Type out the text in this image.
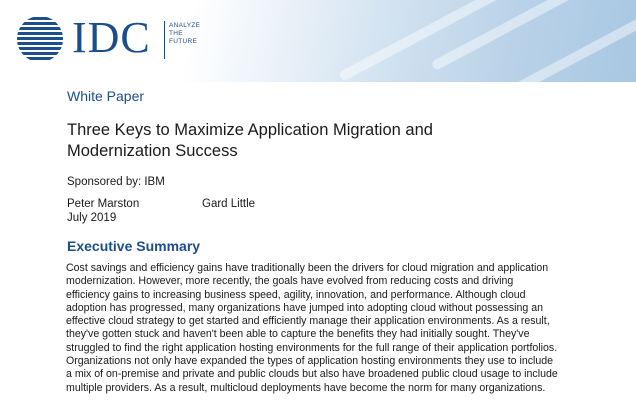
IDC	ANALYZE
THE
FUTURE
White Paper
Three Keys to Maximize Application Migration and Modernization Success
Sponsored by: IBM
Peter Marston	Gard Little
July 2019
Executive Summary
Cost savings and efficiency gains have traditionally been the drivers for cloud migration and application modernization. However, more recently, the goals have evolved from reducing costs and driving efficiency gains to increasing business speed, agility, innovation, and performance. Although cloud adoption has progressed, many organizations have jumped into adopting cloud without possessing an effective cloud strategy to get started and efficiently manage their application environments. As a result, they've gotten stuck and haven't been able to capture the benefits they had initially sought. They've struggled to find the right application hosting environments for the full range of their application portfolios. Organizations not only have expanded the types of application hosting environments they use to include a mix of on-premise and private and public clouds but also have broadened public cloud usage to include multiple providers. As a result, multicloud deployments have become the norm for many organizations.
